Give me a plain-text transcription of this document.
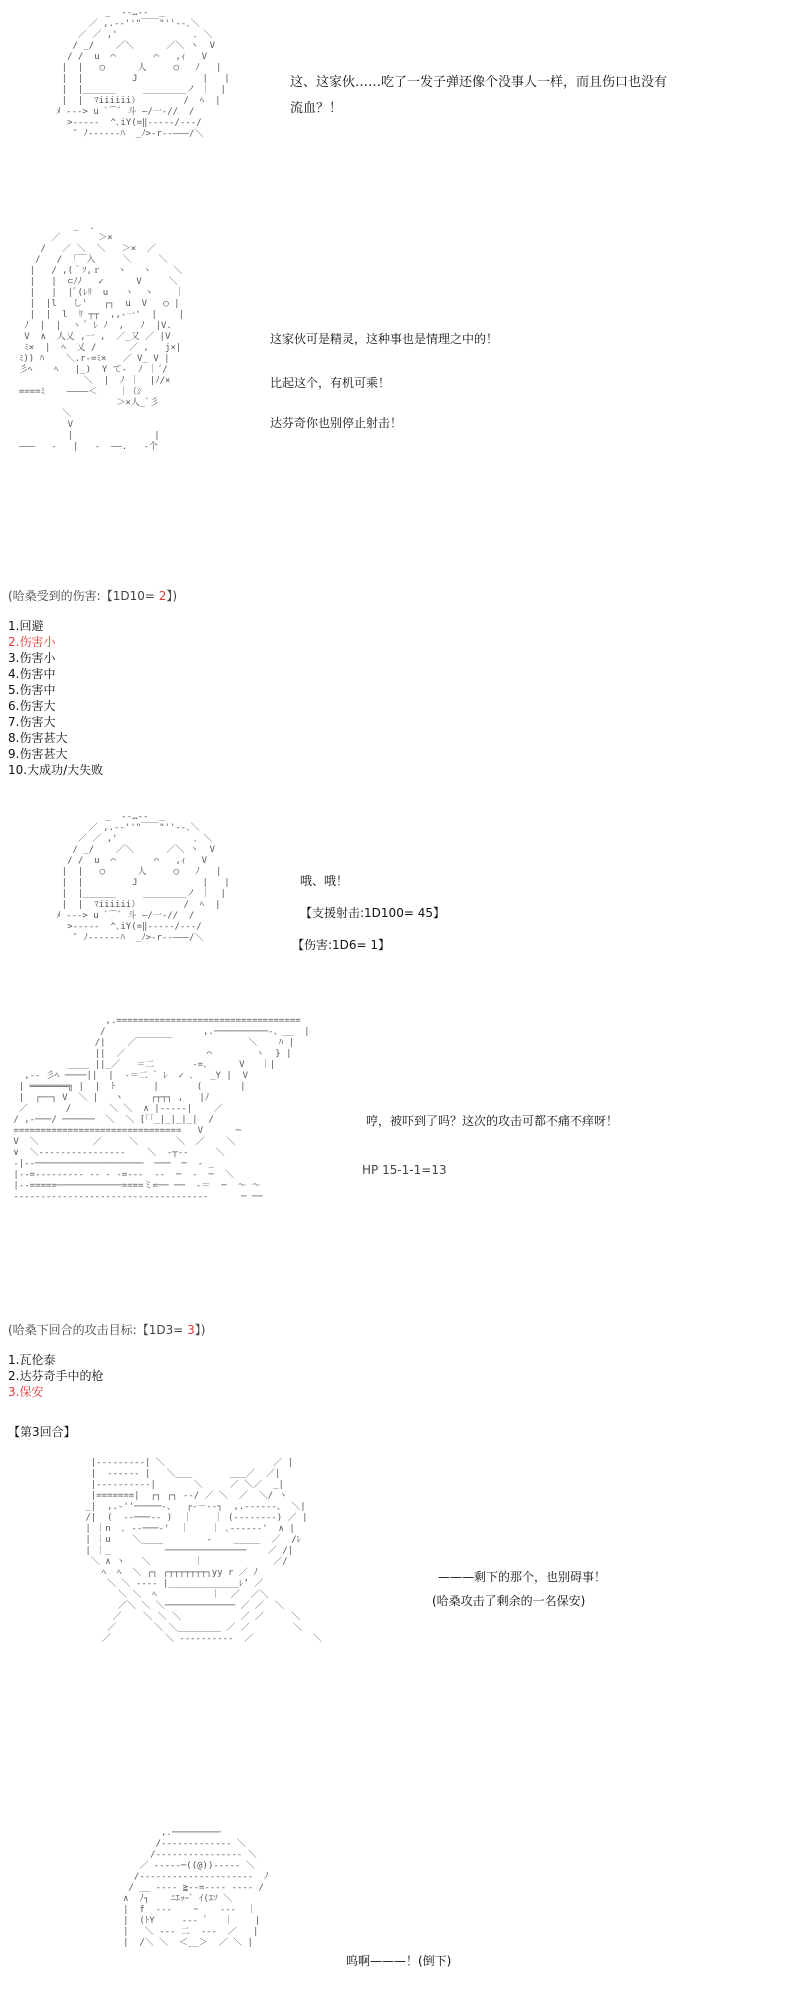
_  -‐…‐-  _
／ ,.-‐''"￣￣"''‐-､＼
／ ／ ,'              ､ ＼
/ _/    ／＼      ／＼ ヽ  V
/ /  u  ⌒       ⌒   ,ｨ   V
|  |   ◯      人     ◯   ﾉ   |
|  |         J            |   |
|  |______     ________ノ ｜  |
|  |  ﾏiiiiii）        /  ﾍ  |
ﾒ ---> u ﾞ⌒ﾞ 斗 ―/一‐//  /
>-----  ^､iY(=‖‐‐‐‐‐/‐‐-/
″ ﾉ‐‐‐‐‐‐ﾊ  _ﾉ>‐r‐‐―――/＼
这、这家伙……吃了一发子弹还像个没事人一样，而且伤口也没有
流血？！
_  .
／       ＞×
/   ／ ＼  ＼   ＞×  ／
/   /  ｢￣入     ＼     ＼
|   / ,(｀ｿ,ｒ   ヽ   ヽ    ＼
|   |  ⊂ﾉﾉ   ✓      V     ＼
|   |  |ﾟ(ﾚﾘ  u   ヽ  ヽ    ｜
|  |l   し'   ┌┐  u  V   ◯ |
|  |  l  ﾘ ┬┬  ,,-一'  |    |
ﾉ  |  |  ヽ ﾟ ﾚ ﾉ  ,   ﾉ  |V.
V  ∧  人乂 ,一 ,  ／_又 ／ |V
ﾐ×  |  ﾍ  乂 /      ／ ,   j×|
ﾐ)) ﾊ    ＼.r‐=ﾐ×   ／ V_ V |
彡ﾍ    ﾍ   |_)  Y て‐  ﾉ ｜´/
＼  |  ﾉ ｜  |ﾉ/×
====ﾐ    ――――＜    ｜（ｼ
＞×人_ﾞ彡
＼
V
|               |
―――   -   |   -  ――.   -个
这家伙可是精灵，这种事也是情理之中的！
比起这个，有机可乘！
达芬奇你也别停止射击！
(哈桑受到的伤害:【1D10= 2】)
1.回避
2.伤害小
3.伤害小
4.伤害中
5.伤害中
6.伤害大
7.伤害大
8.伤害甚大
9.伤害甚大
10.大成功/大失败
_  -‐…‐-  _
／ ,.-‐''"￣￣"''‐-､＼
／ ／ ,'              ､ ＼
/ _/    ／＼      ／＼ ヽ  V
/ /  u  ⌒       ⌒   ,ｨ   V
|  |   ◯      人     ◯   ﾉ   |
|  |         J            |   |
|  |______     ________ノ ｜  |
|  |  ﾏiiiiii）        /  ﾍ  |
ﾒ ---> u ﾞ⌒ﾞ 斗 ―/一‐//  /
>-----  ^､iY(=‖‐‐‐‐‐/‐‐-/
″ ﾉ‐‐‐‐‐‐ﾊ  _ﾉ>‐r‐‐―――/＼
哦、哦！
【支援射击:1D100= 45】
【伤害:1D6= 1】
,.==================================
/                  ,.──────────‐、__  |
/|    ／￣￣￣￣              ＼    ﾊ |
||  ／               ⌒        ヽ  } |
____ ||_／   ＝二       ‐=、     V   ｜|
,-- 彡ﾍ ────||  |  ‐＝二 ﾞ ﾚ  ✓ ､   _Y |  V
| ═══════╗ |  |  ﾄ       |       (       |
|  ┌──┐ V  ＼ |   ヽ     ┌┬┬┐ ,   |ﾉ
／       /       ＼ ＼  ∧ |‐‐‐‐‐|    ／
/ ,-───/ ──────  ＼  ＼ [｢｢_|_|_|_|  /
===============================   V      ─
V  ＼          ／     ＼       ＼  ／    ＼
∨  ＼‐‐‐‐‐‐‐‐‐‐‐‐‐‐‐‐    ＼  ‐┬‐‐     ＼
‐|‐‐────────────────────  ───  ─  ‐ _
|‐‐=‐‐‐‐‐‐‐‐‐ ‐‐ ‐ ‐=‐‐‐  ‐‐  ─  ‐  ─  ＼
|‐‐=====────────────====ミ=── ──  ‐＝  ─  ～ ～
‐‐‐‐‐‐‐‐‐‐‐‐‐‐‐‐‐‐‐‐‐‐‐‐‐‐‐‐‐‐‐‐‐‐‐‐      ─ ──
哼，被吓到了吗？这次的攻击可都不痛不痒呀！
HP 15-1-1=13
(哈桑下回合的攻击目标:【1D3= 3】)
1.瓦伦泰
2.达芬奇手中的枪
3.保安
【第3回合】
|‐‐‐‐‐‐‐‐‐| ＼                    ／ |
|  ‐‐‐‐‐‐ |   ＼___       ___／  ／|
|‐‐‐‐‐‐‐‐‐‐|       ＼     ／ ＼／  _|
|=======|  ┌┐ ┌┐ ‐‐/ ／ ＼  ／  ＼/ ヽ
_|  ,.-''─────‐、  ┌‐－‐‐┐  ,.-‐‐‐‐‐、 ＼|
/|  (  ‐‐───‐‐ )  ｜    ｜ (‐‐‐‐‐‐‐‐) ／ |
| ｜n  ､ ‐‐───‐'  ｜    ｜ ､‐‐‐‐‐‐'  ∧ |
| ｜u    ＼____        ‐    _____  ／  /ﾚ
| ｜_          ───────────────    ／ /|
＼ ∧ ヽ   ＼        ｜             ／/
ﾍ  ﾍ  ＼ ┌┐ ┌┬┬┬┬┬┬┬┐yy r ／ ﾉ
＼ ＼ ‐‐‐‐ |_____________ﾚ’ ／
＼ ＼  ﾍ          ｜  ／  ／＼
／＼ ＼ ＼───────────── ／ ／  ＼
／    ＼ ＼ ＼           ／ ／     ＼
／       ＼ ＼________ ／ ／        ＼
／          ＼ ‐‐‐‐‐‐‐‐‐‐  ／           ＼
———剩下的那个，也别碍事！
(哈桑攻击了剩余的一名保安)
,.─────────
/‐‐‐‐‐‐‐‐‐‐‐‐‐ ＼
/‐‐‐‐‐‐‐‐‐‐‐‐‐‐‐‐ ＼
／ ‐‐‐‐‐─((@))‐‐‐‐‐ ＼
/‐‐‐‐‐‐‐‐‐‐‐‐‐‐‐‐‐‐‐‐‐  ﾉ
/ __ ‐‐‐‐ ≧‐‐=‐‐‐‐ ‐‐‐‐ /
∧  ﾉ┐    ﾆｴｯｰﾞ ｲ(ｴｿ ＼
|  f  ‐‐‐    ｰ    ‐‐‐  ｜
|  (ﾄY     ‐‐‐ ﾟ   ｜    |
|   ＼ ‐‐‐ 二  ‐‐‐  ／   |
|  /＼ ＼  ＜__＞  ／ ＼ |
呜啊———！(倒下)
